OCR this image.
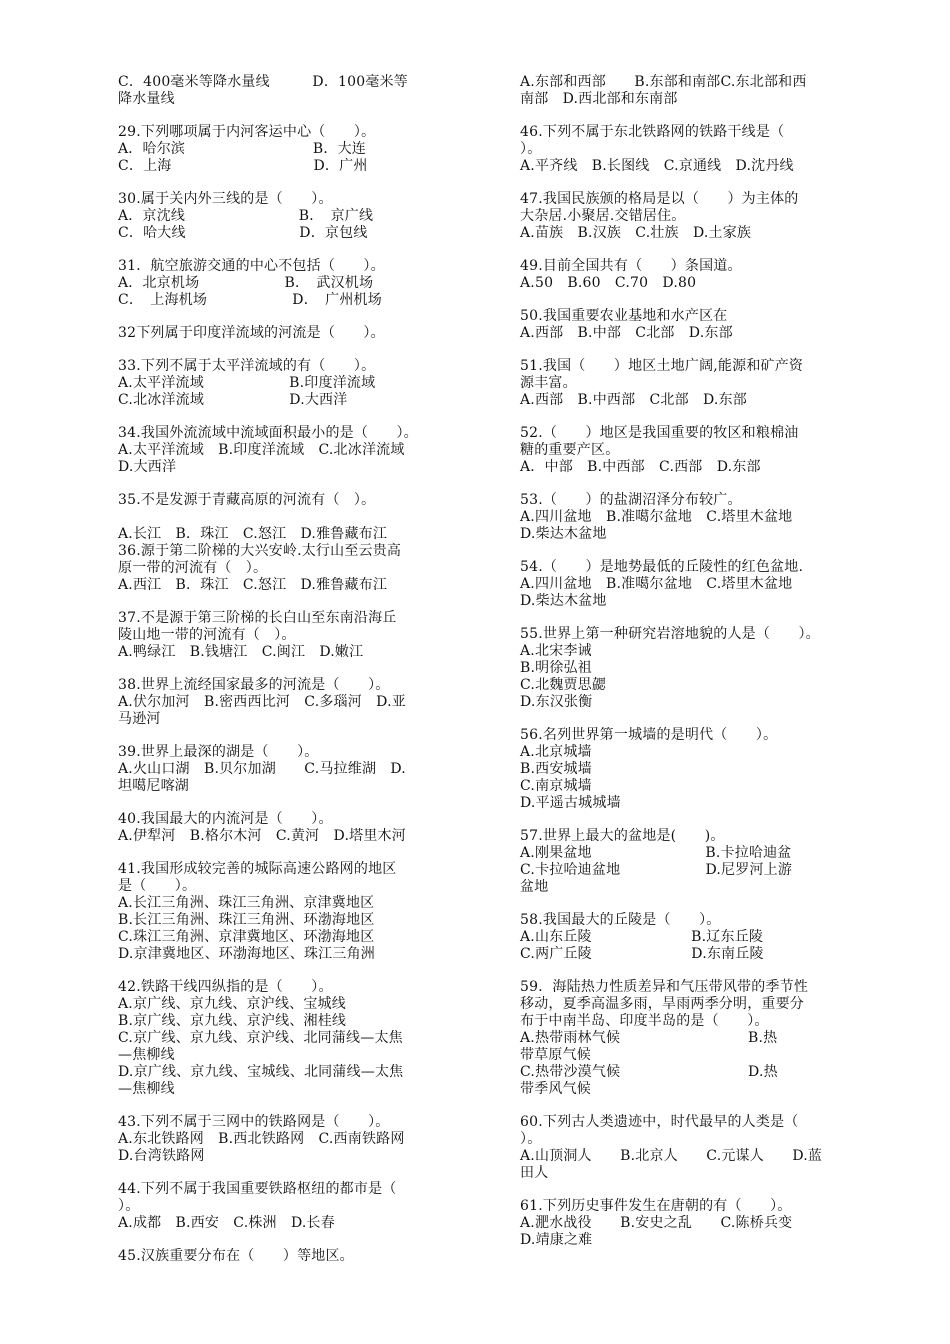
C．400毫米等降水量线　　　D．100毫米等
降水量线
29.下列哪项属于内河客运中心（　　）。
A．哈尔滨　　　　　　　　　B．大连
C．上海　　　　　　　　　　D．广州
30.属于关内外三线的是（　　）。
A．京沈线　　　　　　　　B．　京广线
C．哈大线　　　　　　　　D．京包线
31．航空旅游交通的中心不包括（　　）。
A．北京机场　　　　　　B．　武汉机场
C．　上海机场　　　　　　D．　广州机场
32下列属于印度洋流域的河流是（　　）。
33.下列不属于太平洋流域的有（　　）。
A.太平洋流域　　　　　　B.印度洋流域
C.北冰洋流域　　　　　　D.大西洋
34.我国外流流域中流域面积最小的是（　　）。
A.太平洋流域　B.印度洋流域　C.北冰洋流域
D.大西洋
35.不是发源于青藏高原的河流有（　）。

A.长江　B．珠江　C.怒江　D.雅鲁藏布江
36.源于第二阶梯的大兴安岭.太行山至云贵高
原一带的河流有（　）。
A.西江　B．珠江　C.怒江　D.雅鲁藏布江
37.不是源于第三阶梯的长白山至东南沿海丘
陵山地一带的河流有（　）。
A.鸭绿江　B.钱塘江　C.闽江　D.嫩江
38.世界上流经国家最多的河流是（　　）。
A.伏尔加河　B.密西西比河　C.多瑙河　D.亚
马逊河
39.世界上最深的湖是（　　）。
A.火山口湖　B.贝尔加湖　　C.马拉维湖　D.
坦噶尼喀湖
40.我国最大的内流河是（　　）。
A.伊犁河　B.格尔木河　C.黄河　D.塔里木河
41.我国形成较完善的城际高速公路网的地区
是（　　）。
A.长江三角洲、珠江三角洲、京津冀地区
B.长江三角洲、珠江三角洲、环渤海地区
C.珠江三角洲、京津冀地区、环渤海地区
D.京津冀地区、环渤海地区、珠江三角洲
42.铁路干线四纵指的是（　　）。
A.京广线、京九线、京沪线、宝城线
B.京广线、京九线、京沪线、湘桂线
C.京广线、京九线、京沪线、北同蒲线—太焦
—焦柳线
D.京广线、京九线、宝城线、北同蒲线—太焦
—焦柳线
43.下列不属于三网中的铁路网是（　　）。
A.东北铁路网　B.西北铁路网　C.西南铁路网
D.台湾铁路网
44.下列不属于我国重要铁路枢纽的都市是（
）。
A.成都　B.西安　C.株洲　D.长春
45.汉族重要分布在（　　）等地区。
A.东部和西部　　B.东部和南部C.东北部和西
南部　D.西北部和东南部
46.下列不属于东北铁路网的铁路干线是（
）。
A.平齐线　B.长图线　C.京通线　D.沈丹线
47.我国民族颁的格局是以（　　）为主体的
大杂居.小聚居.交错居住。
A.苗族　B.汉族　C.壮族　D.土家族
49.目前全国共有（　　）条国道。
A.50　B.60　C.70　D.80
50.我国重要农业基地和水产区在
A.西部　B.中部　C北部　D.东部
51.我国（　　）地区土地广阔,能源和矿产资
源丰富。
A.西部　B.中西部　C北部　D.东部
52.（　　）地区是我国重要的牧区和粮棉油
糖的重要产区。
A．中部　B.中西部　C.西部　D.东部
53.（　　）的盐湖沼泽分布较广。
A.四川盆地　B.准噶尔盆地　C.塔里木盆地
D.柴达木盆地
54.（　　）是地势最低的丘陵性的红色盆地.
A.四川盆地　B.准噶尔盆地　C.塔里木盆地
D.柴达木盆地
55.世界上第一种研究岩溶地貌的人是（　　）。
A.北宋李诫
B.明徐弘祖
C.北魏贾思勰
D.东汉张衡
56.名列世界第一城墙的是明代（　　）。
A.北京城墙
B.西安城墙
C.南京城墙
D.平遥古城城墙
57.世界上最大的盆地是(　　)。
A.刚果盆地　　　　　　　　B.卡拉哈迪盆
C.卡拉哈迪盆地　　　　　　D.尼罗河上游
盆地
58.我国最大的丘陵是（　　）。
A.山东丘陵　　　　　　　B.辽东丘陵
C.两广丘陵　　　　　　　D.东南丘陵
59．海陆热力性质差异和气压带风带的季节性
移动，夏季高温多雨，旱雨两季分明，重要分
布于中南半岛、印度半岛的是（　　）。
A.热带雨林气候　　　　　　　　　B.热
带草原气候
C.热带沙漠气候　　　　　　　　　D.热
带季风气候
60.下列古人类遗迹中，时代最早的人类是（
）。
A.山顶洞人　　B.北京人　　C.元谋人　　D.蓝
田人
61.下列历史事件发生在唐朝的有（　　）。
A.淝水战役　　B.安史之乱　　C.陈桥兵变
D.靖康之难
